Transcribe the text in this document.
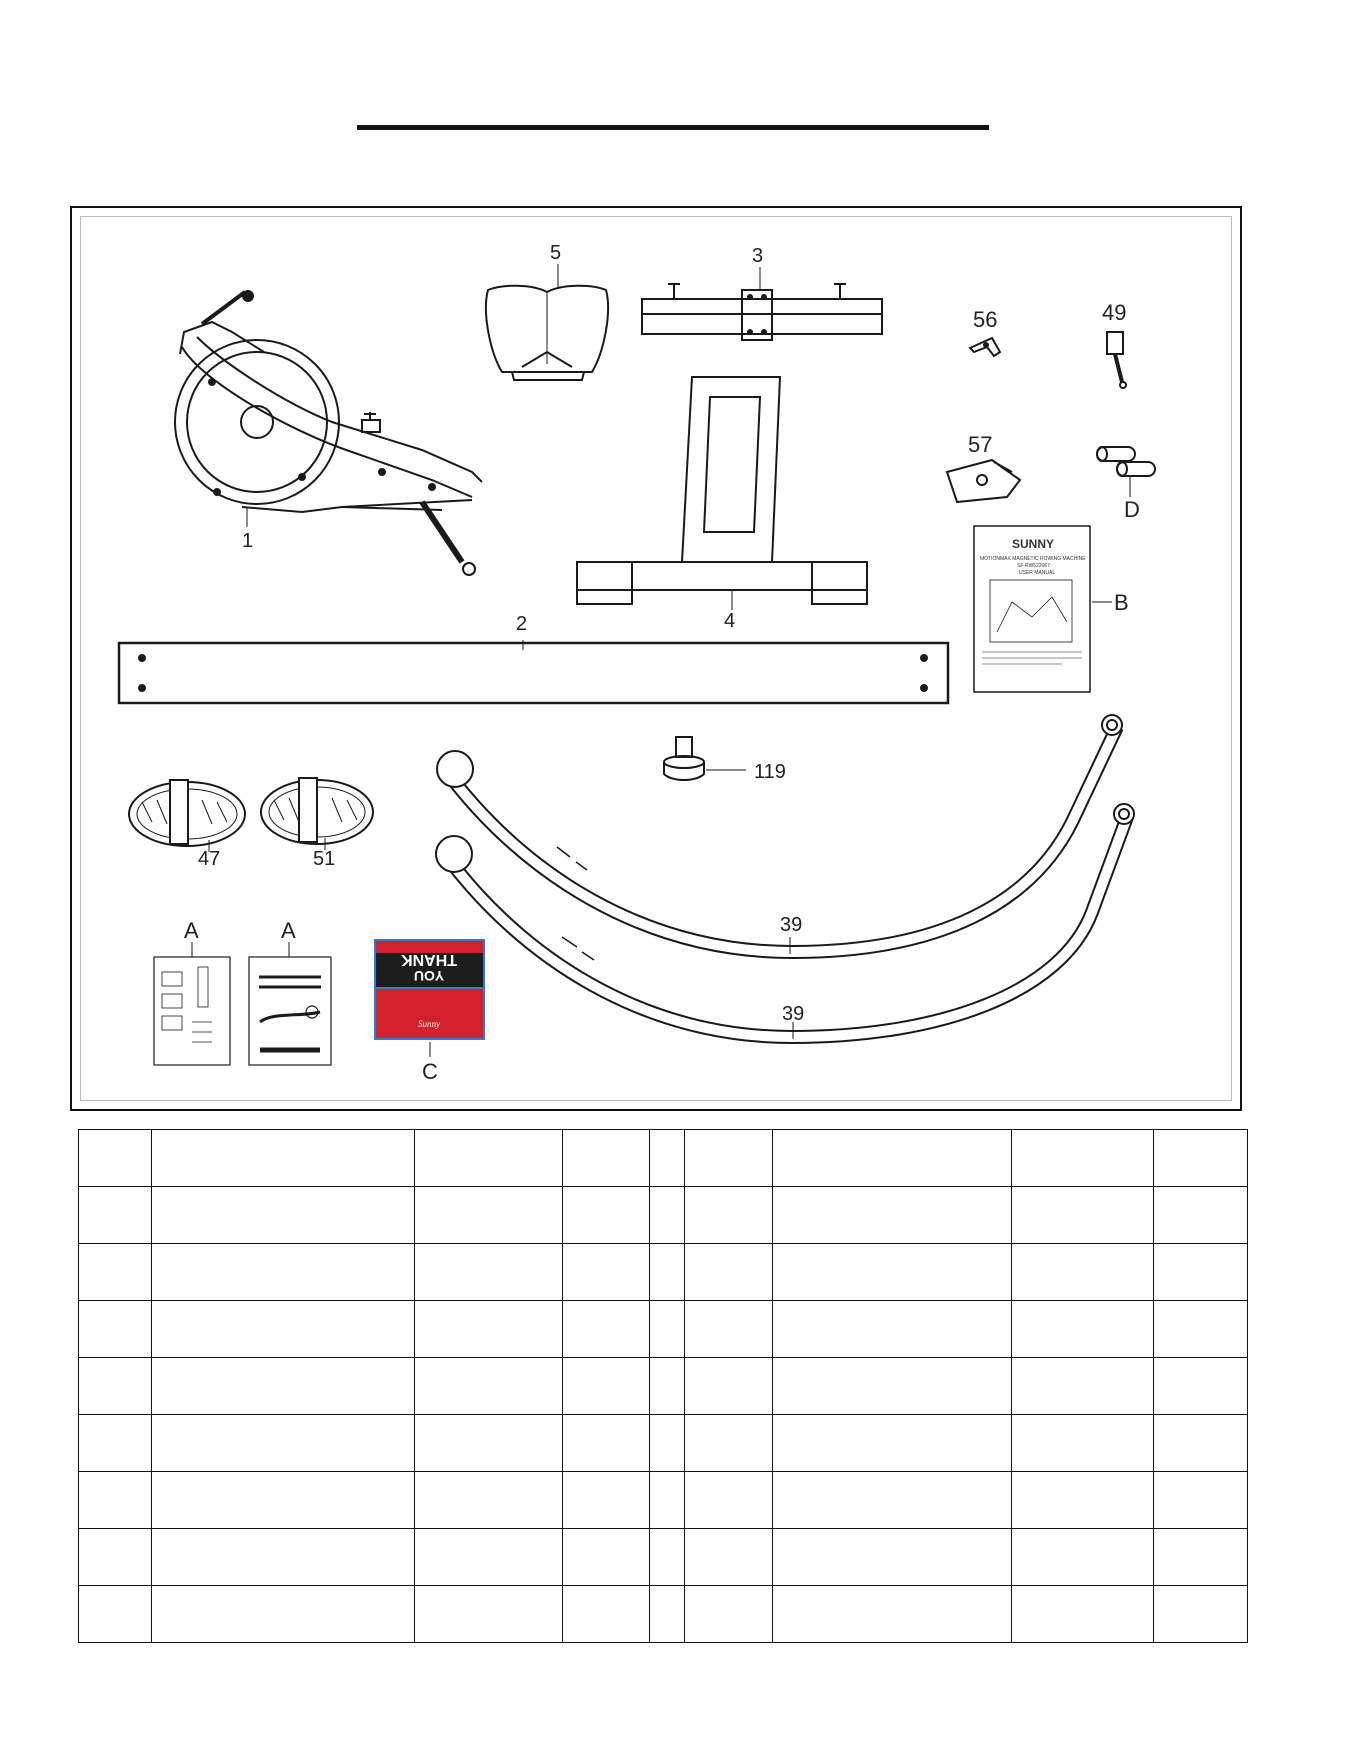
1
5	3
4
56	49
57
D
SUNNY
MOTIONMAX MAGNETIC ROWING MACHINE
SF-RW522067
USER MANUAL
B
2
119
39
39
47	51
A	A
THANK
YOU
Sunny
C
